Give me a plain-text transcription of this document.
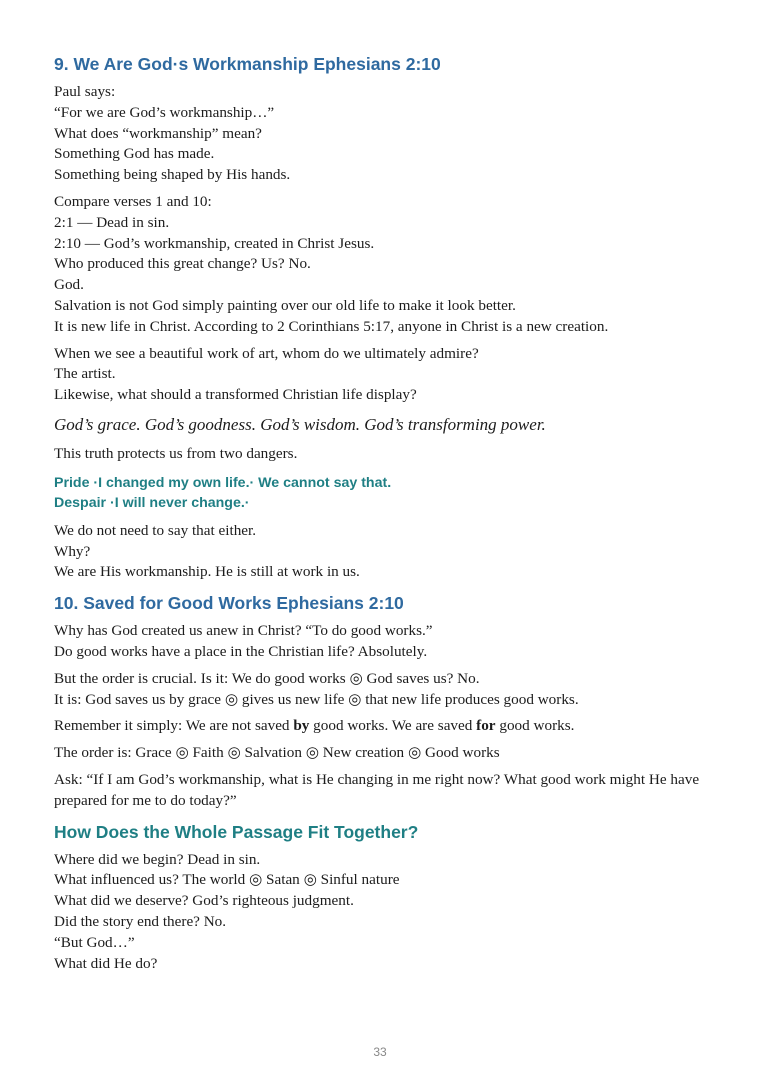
9. We Are God·s Workmanship Ephesians 2:10
Paul says:
“For we are God’s workmanship…”
What does “workmanship” mean?
Something God has made.
Something being shaped by His hands.
Compare verses 1 and 10:
2:1 — Dead in sin.
2:10 — God’s workmanship, created in Christ Jesus.
Who produced this great change? Us? No.
God.
Salvation is not God simply painting over our old life to make it look better.
It is new life in Christ. According to 2 Corinthians 5:17, anyone in Christ is a new creation.
When we see a beautiful work of art, whom do we ultimately admire?
The artist.
Likewise, what should a transformed Christian life display?
God’s grace. God’s goodness. God’s wisdom. God’s transforming power.
This truth protects us from two dangers.
Pride ·I changed my own life.· We cannot say that.
Despair ·I will never change.·
We do not need to say that either.
Why?
We are His workmanship. He is still at work in us.
10. Saved for Good Works Ephesians 2:10
Why has God created us anew in Christ? “To do good works.”
Do good works have a place in the Christian life? Absolutely.
But the order is crucial. Is it: We do good works ◎ God saves us? No.
It is: God saves us by grace ◎ gives us new life ◎ that new life produces good works.
Remember it simply: We are not saved by good works. We are saved for good works.
The order is: Grace ◎ Faith ◎ Salvation ◎ New creation ◎ Good works
Ask: “If I am God’s workmanship, what is He changing in me right now? What good work might He have prepared for me to do today?”
How Does the Whole Passage Fit Together?
Where did we begin? Dead in sin.
What influenced us? The world ◎ Satan ◎ Sinful nature
What did we deserve? God’s righteous judgment.
Did the story end there? No.
“But God…”
What did He do?
33
